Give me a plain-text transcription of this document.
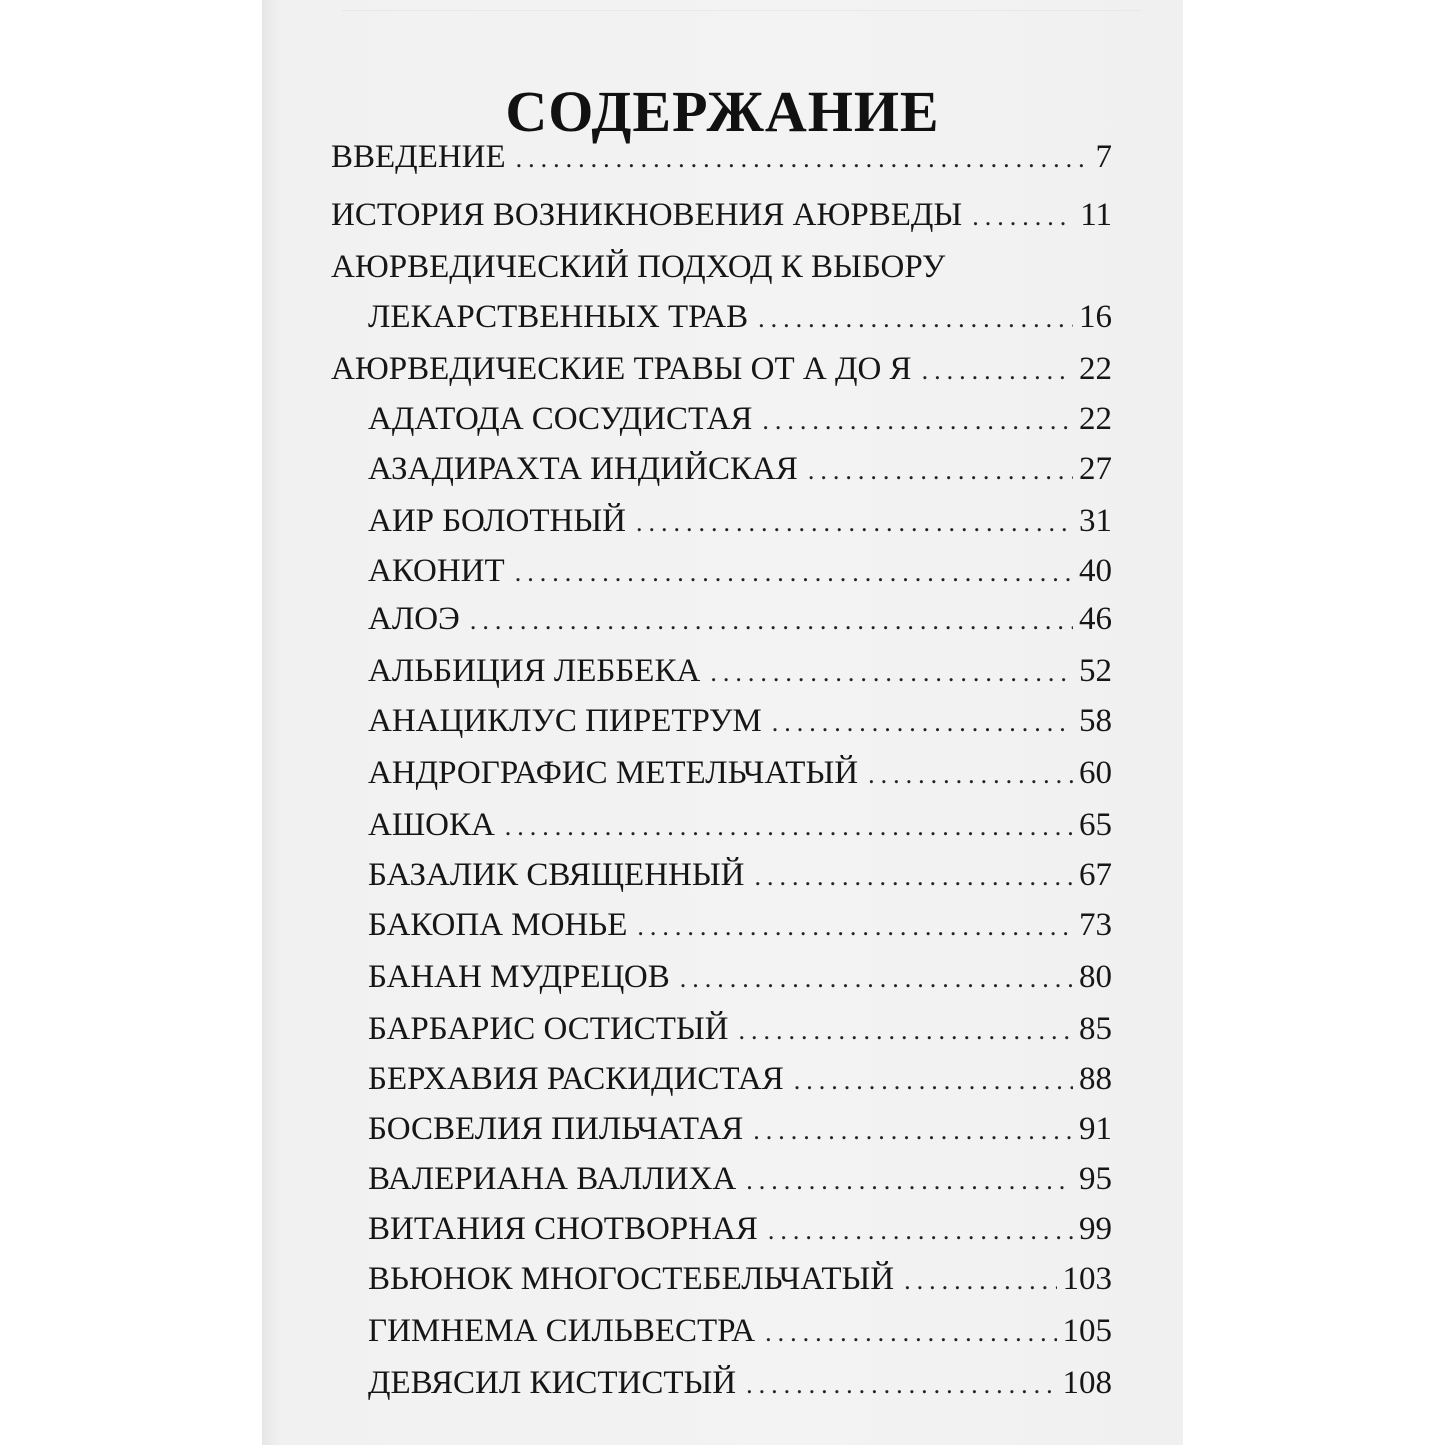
СОДЕРЖАНИЕ
ВВЕДЕНИЕ .....	7
ИСТОРИЯ ВОЗНИКНОВЕНИЯ АЮРВЕДЫ .....	11
АЮРВЕДИЧЕСКИЙ ПОДХОД К ВЫБОРУ
ЛЕКАРСТВЕННЫХ ТРАВ .....	16
АЮРВЕДИЧЕСКИЕ ТРАВЫ ОТ А ДО Я .....	22
АДАТОДА СОСУДИСТАЯ .....	22
АЗАДИРАХТА ИНДИЙСКАЯ .....	27
АИР БОЛОТНЫЙ .....	31
АКОНИТ .....	40
АЛОЭ .....	46
АЛЬБИЦИЯ ЛЕББЕКА .....	52
АНАЦИКЛУС ПИРЕТРУМ .....	58
АНДРОГРАФИС МЕТЕЛЬЧАТЫЙ .....	60
АШОКА .....	65
БАЗАЛИК СВЯЩЕННЫЙ .....	67
БАКОПА МОНЬЕ .....	73
БАНАН МУДРЕЦОВ .....	80
БАРБАРИС ОСТИСТЫЙ .....	85
БЕРХАВИЯ РАСКИДИСТАЯ .....	88
БОСВЕЛИЯ ПИЛЬЧАТАЯ .....	91
ВАЛЕРИАНА ВАЛЛИХА .....	95
ВИТАНИЯ СНОТВОРНАЯ .....	99
ВЬЮНОК МНОГОСТЕБЕЛЬЧАТЫЙ .....	103
ГИМНЕМА СИЛЬВЕСТРА .....	105
ДЕВЯСИЛ КИСТИСТЫЙ .....	108
